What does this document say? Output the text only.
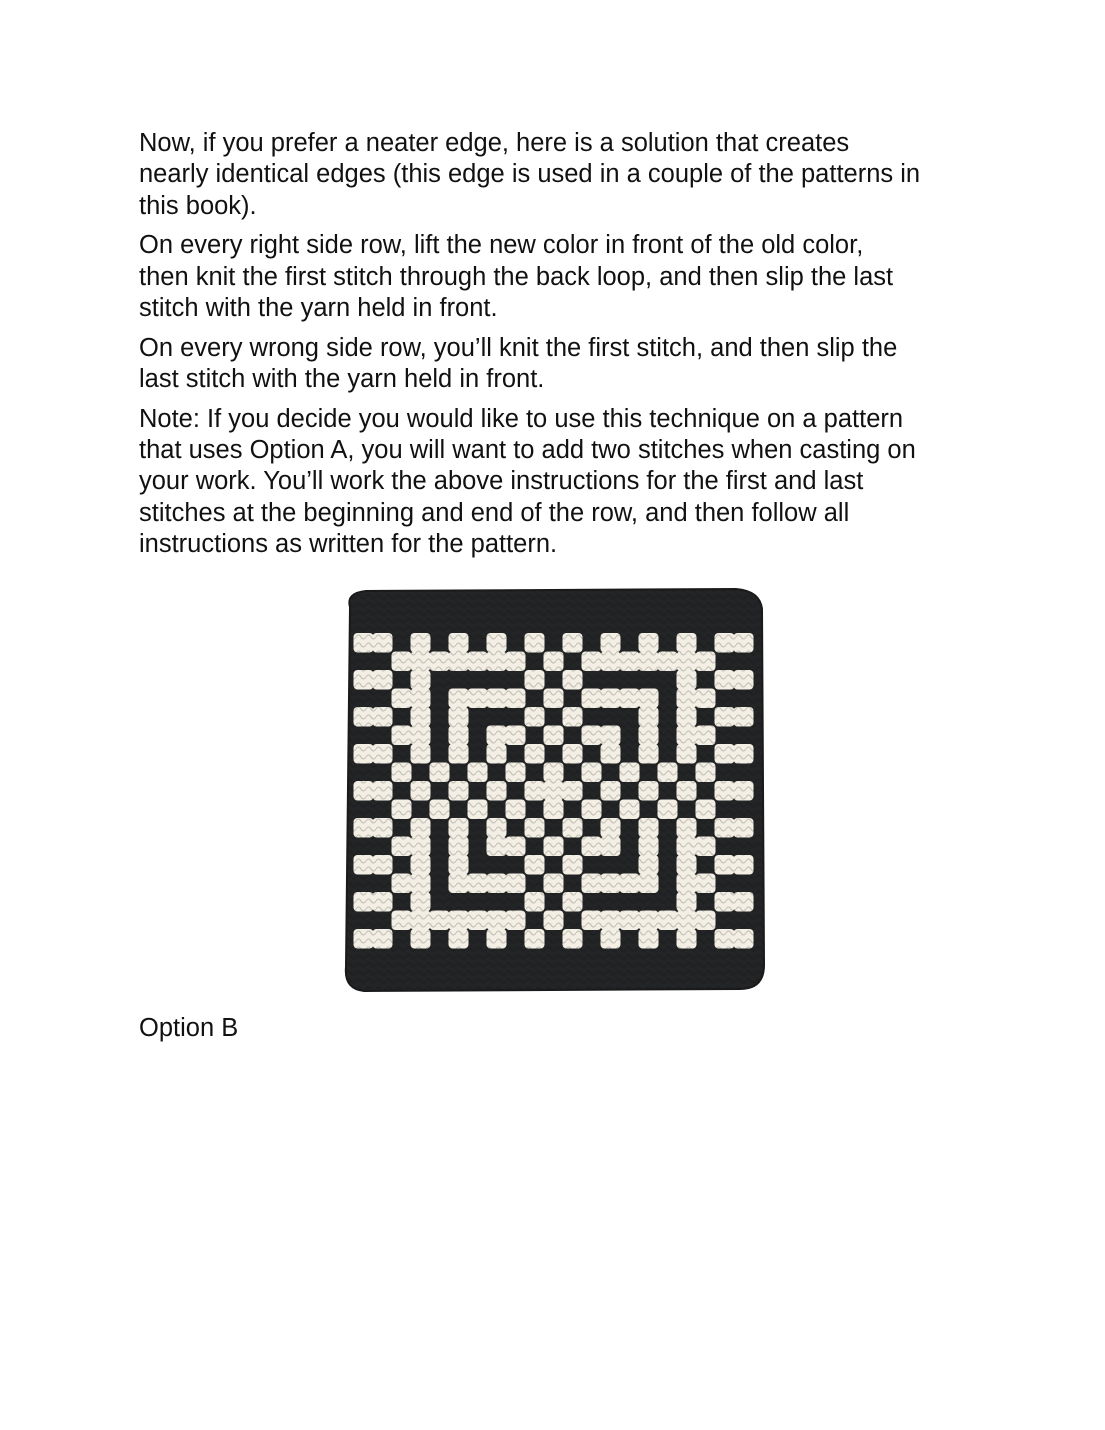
Now, if you prefer a neater edge, here is a solution that creates
nearly identical edges (this edge is used in a couple of the patterns in
this book).

On every right side row, lift the new color in front of the old color,
then knit the first stitch through the back loop, and then slip the last
stitch with the yarn held in front.

On every wrong side row, you’ll knit the first stitch, and then slip the
last stitch with the yarn held in front.

Note: If you decide you would like to use this technique on a pattern
that uses Option A, you will want to add two stitches when casting on
your work. You’ll work the above instructions for the first and last
stitches at the beginning and end of the row, and then follow all
instructions as written for the pattern.

Option B
